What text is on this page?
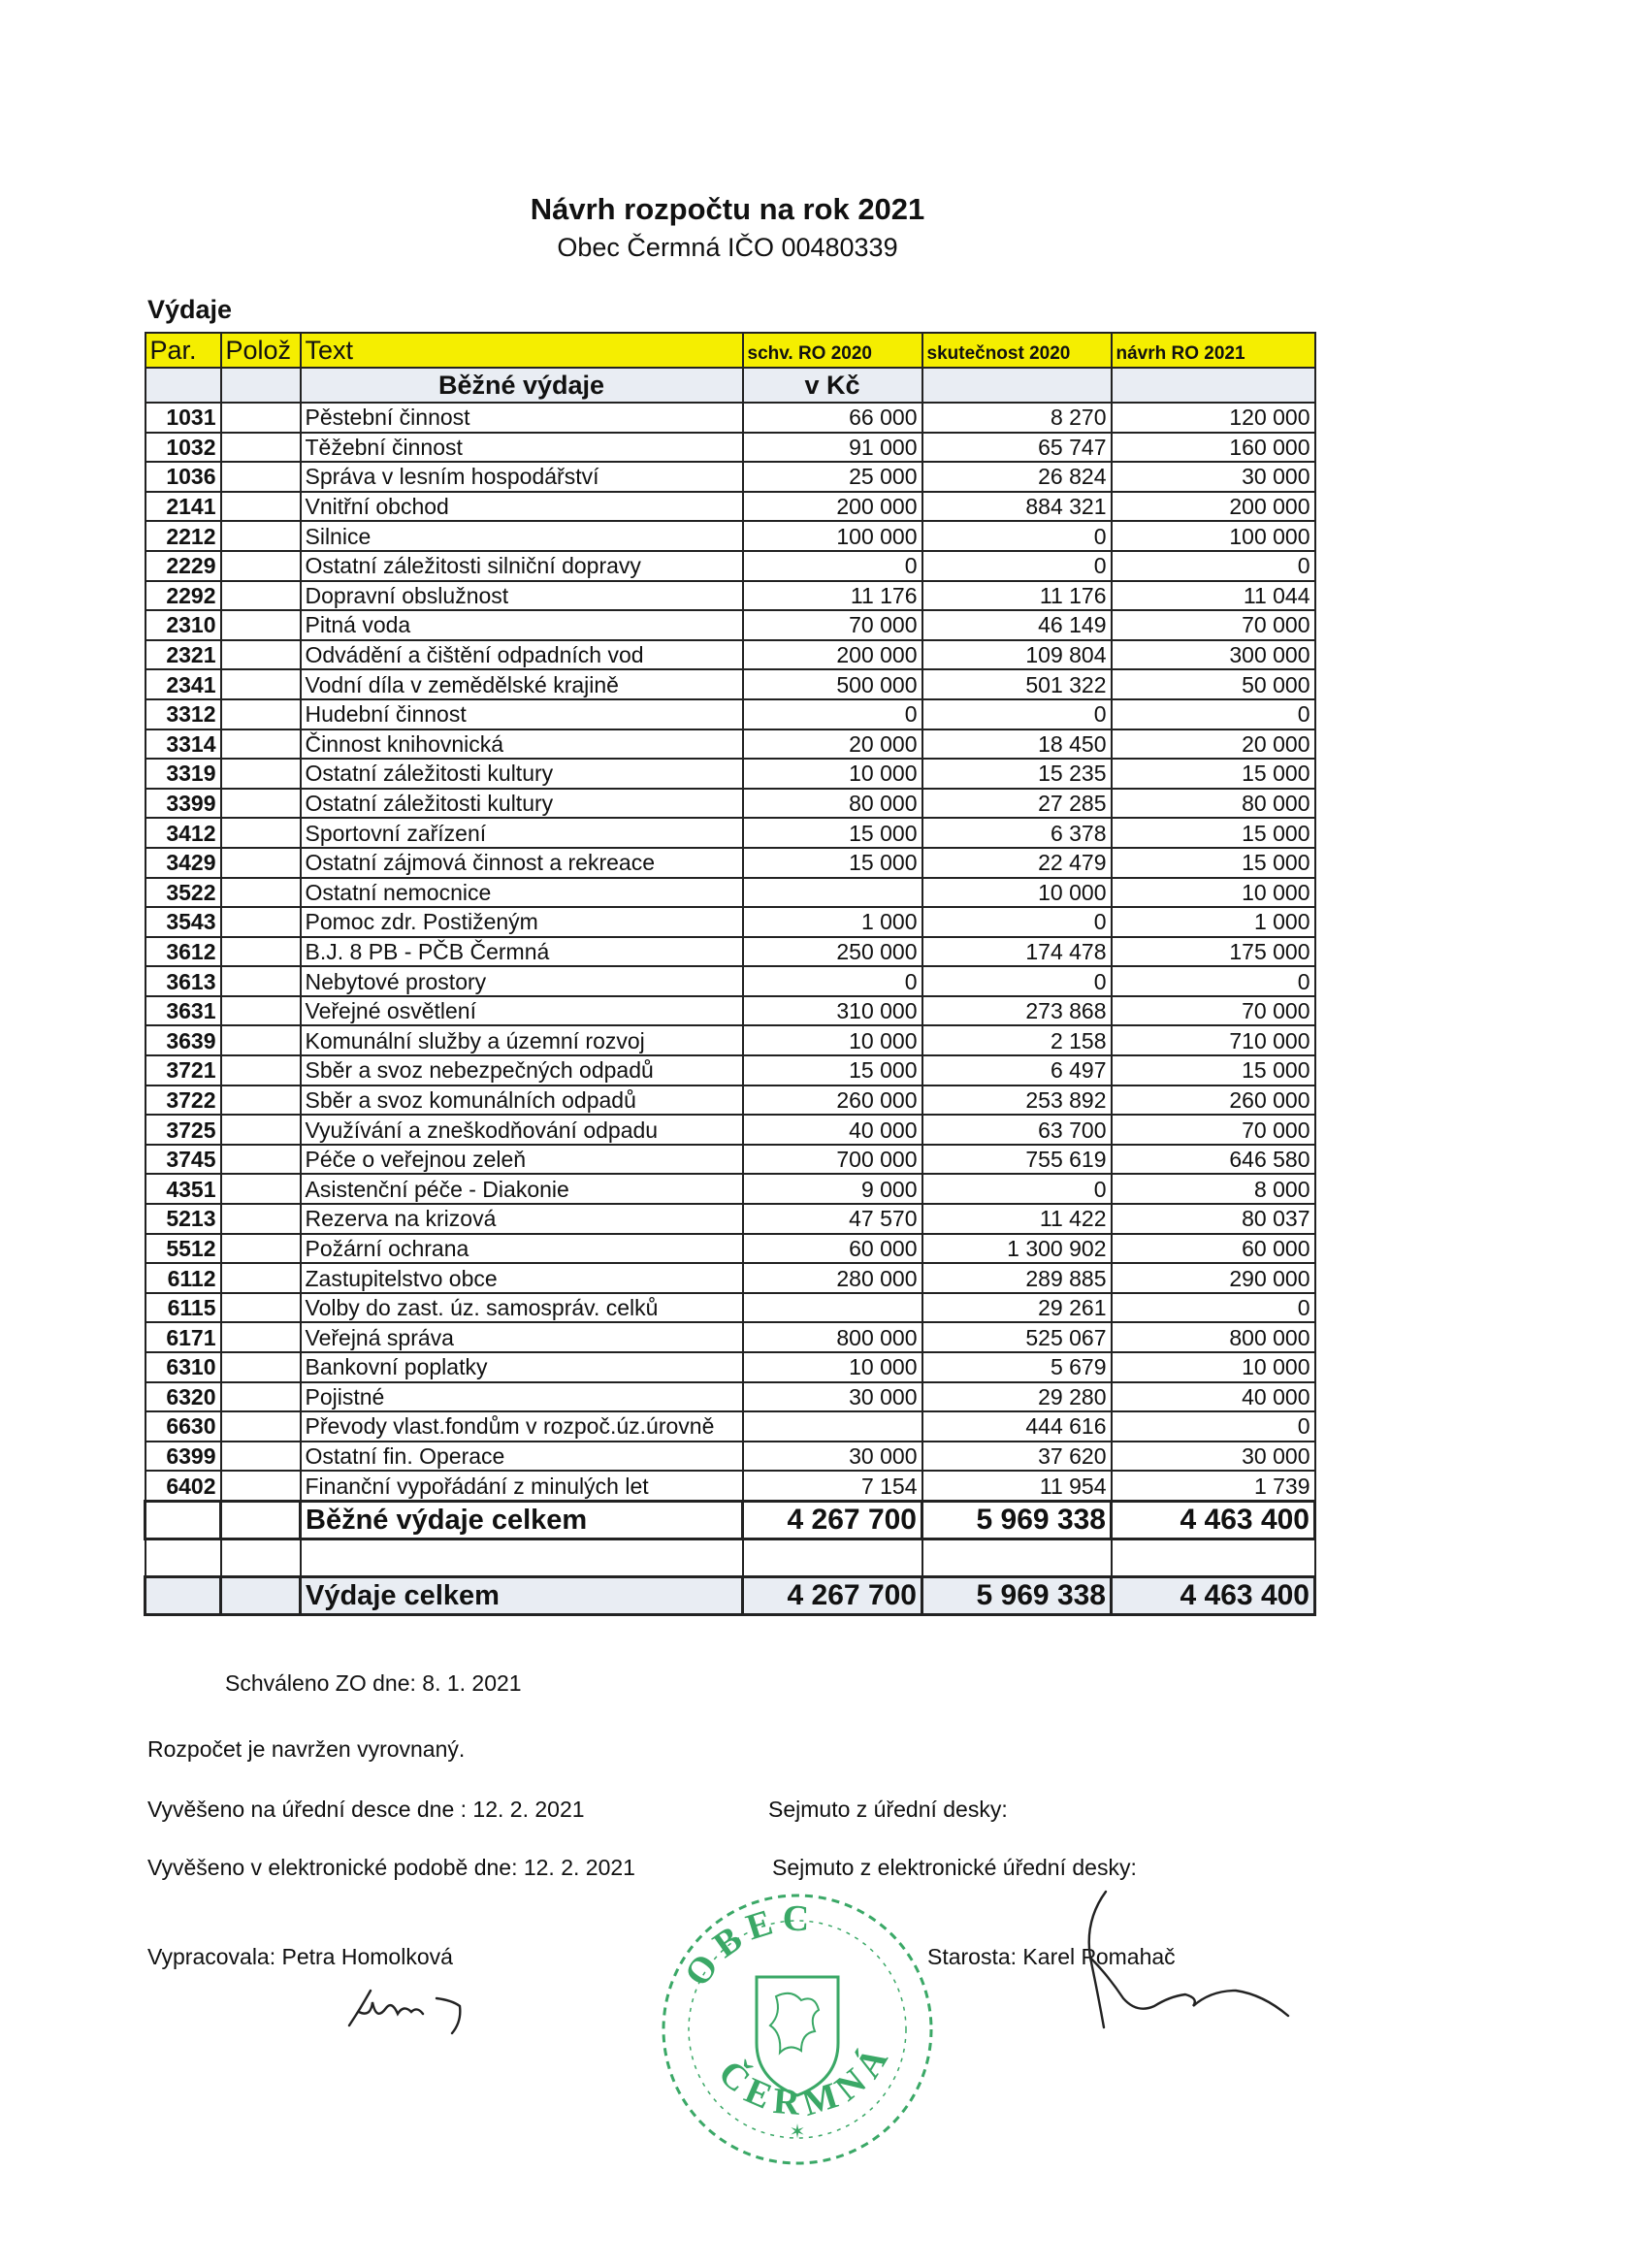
Návrh rozpočtu na rok 2021
Obec Čermná IČO 00480339
Výdaje
Par.	Polož	Text	schv. RO 2020	skutečnost 2020	návrh RO 2021
		Běžné výdaje	v Kč		
1031		Pěstební činnost	66 000	8 270	120 000
1032		Těžební činnost	91 000	65 747	160 000
1036		Správa v lesním hospodářství	25 000	26 824	30 000
2141		Vnitřní obchod	200 000	884 321	200 000
2212		Silnice	100 000	0	100 000
2229		Ostatní záležitosti silniční dopravy	0	0	0
2292		Dopravní obslužnost	11 176	11 176	11 044
2310		Pitná voda	70 000	46 149	70 000
2321		Odvádění a čištění odpadních vod	200 000	109 804	300 000
2341		Vodní díla v zemědělské krajině	500 000	501 322	50 000
3312		Hudební činnost	0	0	0
3314		Činnost knihovnická	20 000	18 450	20 000
3319		Ostatní záležitosti kultury	10 000	15 235	15 000
3399		Ostatní záležitosti kultury	80 000	27 285	80 000
3412		Sportovní zařízení	15 000	6 378	15 000
3429		Ostatní zájmová činnost a rekreace	15 000	22 479	15 000
3522		Ostatní nemocnice		10 000	10 000
3543		Pomoc zdr. Postiženým	1 000	0	1 000
3612		B.J. 8 PB - PČB Čermná	250 000	174 478	175 000
3613		Nebytové prostory	0	0	0
3631		Veřejné osvětlení	310 000	273 868	70 000
3639		Komunální služby a územní rozvoj	10 000	2 158	710 000
3721		Sběr a svoz nebezpečných odpadů	15 000	6 497	15 000
3722		Sběr a svoz komunálních odpadů	260 000	253 892	260 000
3725		Využívání a zneškodňování odpadu	40 000	63 700	70 000
3745		Péče o veřejnou zeleň	700 000	755 619	646 580
4351		Asistenční péče - Diakonie	9 000	0	8 000
5213		Rezerva na krizová	47 570	11 422	80 037
5512		Požární ochrana	60 000	1 300 902	60 000
6112		Zastupitelstvo obce	280 000	289 885	290 000
6115		Volby do zast. úz. samospráv. celků		29 261	0
6171		Veřejná správa	800 000	525 067	800 000
6310		Bankovní poplatky	10 000	5 679	10 000
6320		Pojistné	30 000	29 280	40 000
6630		Převody vlast.fondům v rozpoč.úz.úrovně		444 616	0
6399		Ostatní fin. Operace	30 000	37 620	30 000
6402		Finanční vypořádání z minulých let	7 154	11 954	1 739
		Běžné výdaje celkem	4 267 700	5 969 338	4 463 400

		Výdaje celkem	4 267 700	5 969 338	4 463 400
Schváleno ZO dne: 8. 1. 2021
Rozpočet je navržen vyrovnaný.
Vyvěšeno na úřední desce dne : 12. 2. 2021	Sejmuto z úřední desky:
Vyvěšeno v elektronické podobě dne: 12. 2. 2021	Sejmuto z elektronické úřední desky:
Vypracovala: Petra Homolková	Starosta: Karel Pomahač
OBEC
ČERMNÁ
✶
